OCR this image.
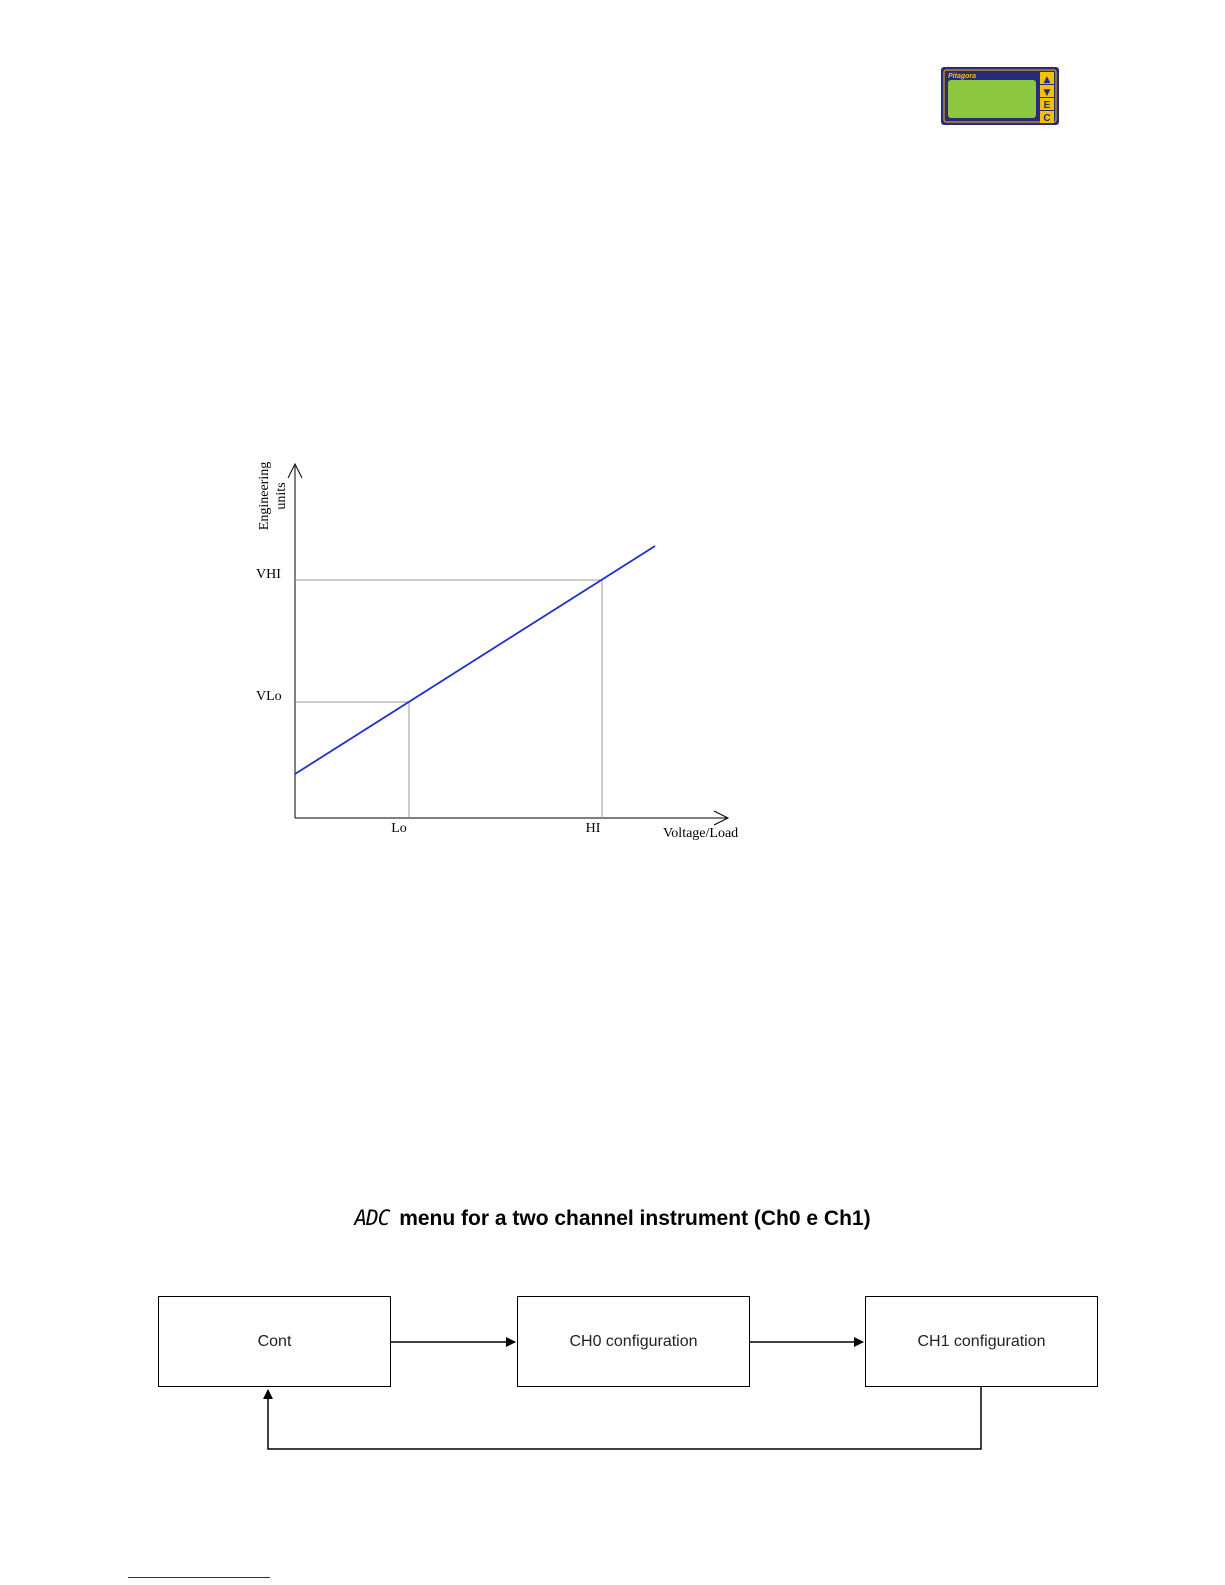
Pitagora	▲
▼
E
C
Engineering units
VHI
VLo
Lo	HI	Voltage/Load
ADC menu for a two channel instrument (Ch0 e Ch1)
Cont	CH0 configuration	CH1 configuration
